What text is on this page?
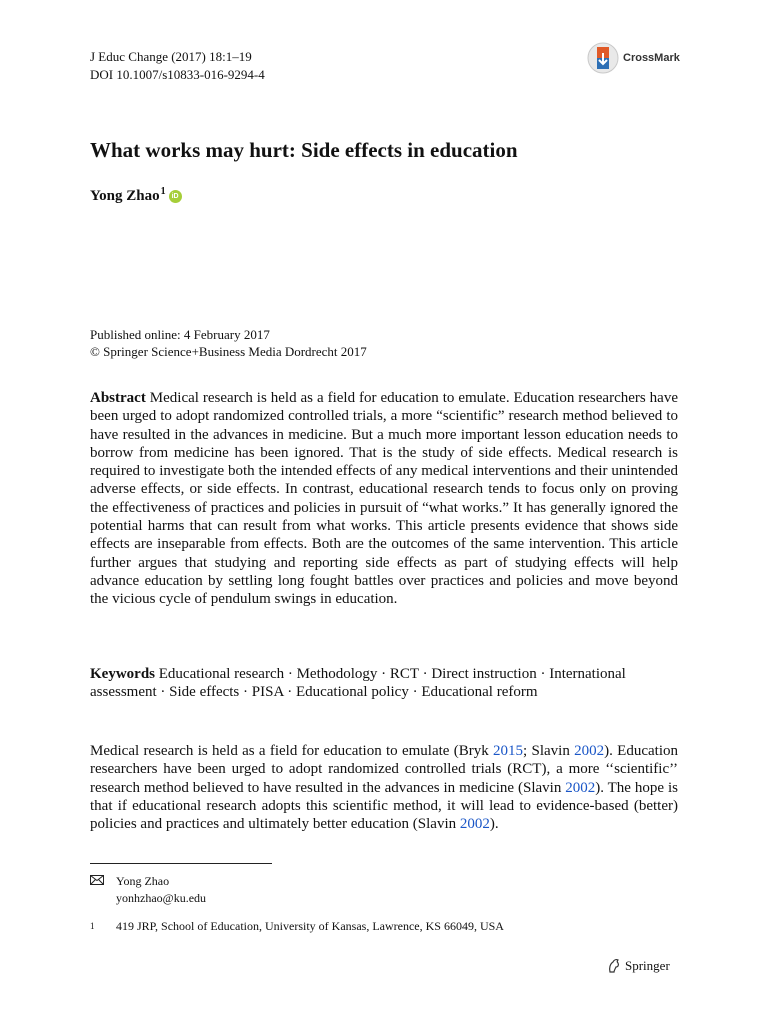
J Educ Change (2017) 18:1–19
DOI 10.1007/s10833-016-9294-4
CrossMark
What works may hurt: Side effects in education
Yong Zhao$^1$ iD
Published online: 4 February 2017
© Springer Science+Business Media Dordrecht 2017

Abstract Medical research is held as a field for education to emulate. Education researchers have been urged to adopt randomized controlled trials, a more “scientific” research method believed to have resulted in the advances in medicine. But a much more important lesson education needs to borrow from medicine has been ignored. That is the study of side effects. Medical research is required to investigate both the intended effects of any medical interventions and their unintended adverse effects, or side effects. In contrast, educational research tends to focus only on proving the effectiveness of practices and policies in pursuit of “what works.” It has generally ignored the potential harms that can result from what works. This article presents evidence that shows side effects are inseparable from effects. Both are the outcomes of the same intervention. This article further argues that studying and reporting side effects as part of studying effects will help advance education by settling long fought battles over practices and policies and move beyond the vicious cycle of pendulum swings in education.

Keywords Educational research · Methodology · RCT · Direct instruction · International assessment · Side effects · PISA · Educational policy · Educational reform

Medical research is held as a field for education to emulate (Bryk 2015; Slavin 2002). Education researchers have been urged to adopt randomized controlled trials (RCT), a more ‘‘scientific’’ research method believed to have resulted in the advances in medicine (Slavin 2002). The hope is that if educational research adopts this scientific method, it will lead to evidence-based (better) policies and practices and ultimately better education (Slavin 2002).

Yong Zhao
yonhzhao@ku.edu
1	419 JRP, School of Education, University of Kansas, Lawrence, KS 66049, USA
Springer
